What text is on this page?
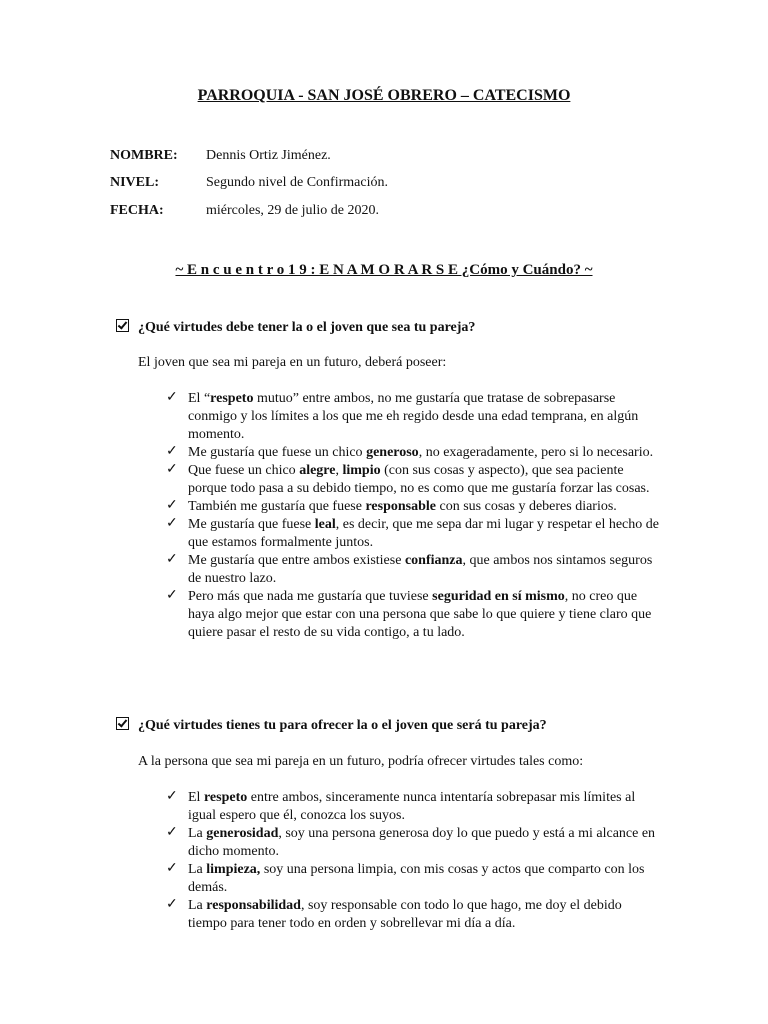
PARROQUIA - SAN JOSÉ OBRERO – CATECISMO
NOMBRE: Dennis Ortiz Jiménez.
NIVEL:	Segundo nivel de Confirmación.
FECHA:	miércoles, 29 de julio de 2020.
~ E n c u e n t r o 1 9 : E N A M O R A R S E ¿Cómo y Cuándo? ~
¿Qué virtudes debe tener la o el joven que sea tu pareja?
El joven que sea mi pareja en un futuro, deberá poseer:
✓ El “respeto mutuo” entre ambos, no me gustaría que tratase de sobrepasarse conmigo y los límites a los que me eh regido desde una edad temprana, en algún momento.
✓ Me gustaría que fuese un chico generoso, no exageradamente, pero si lo necesario.
✓ Que fuese un chico alegre, limpio (con sus cosas y aspecto), que sea paciente porque todo pasa a su debido tiempo, no es como que me gustaría forzar las cosas.
✓ También me gustaría que fuese responsable con sus cosas y deberes diarios.
✓ Me gustaría que fuese leal, es decir, que me sepa dar mi lugar y respetar el hecho de que estamos formalmente juntos.
✓ Me gustaría que entre ambos existiese confianza, que ambos nos sintamos seguros de nuestro lazo.
✓ Pero más que nada me gustaría que tuviese seguridad en sí mismo, no creo que haya algo mejor que estar con una persona que sabe lo que quiere y tiene claro que quiere pasar el resto de su vida contigo, a tu lado.
¿Qué virtudes tienes tu para ofrecer la o el joven que será tu pareja?
A la persona que sea mi pareja en un futuro, podría ofrecer virtudes tales como:
✓ El respeto entre ambos, sinceramente nunca intentaría sobrepasar mis límites al igual espero que él, conozca los suyos.
✓ La generosidad, soy una persona generosa doy lo que puedo y está a mi alcance en dicho momento.
✓ La limpieza, soy una persona limpia, con mis cosas y actos que comparto con los demás.
✓ La responsabilidad, soy responsable con todo lo que hago, me doy el debido tiempo para tener todo en orden y sobrellevar mi día a día.
